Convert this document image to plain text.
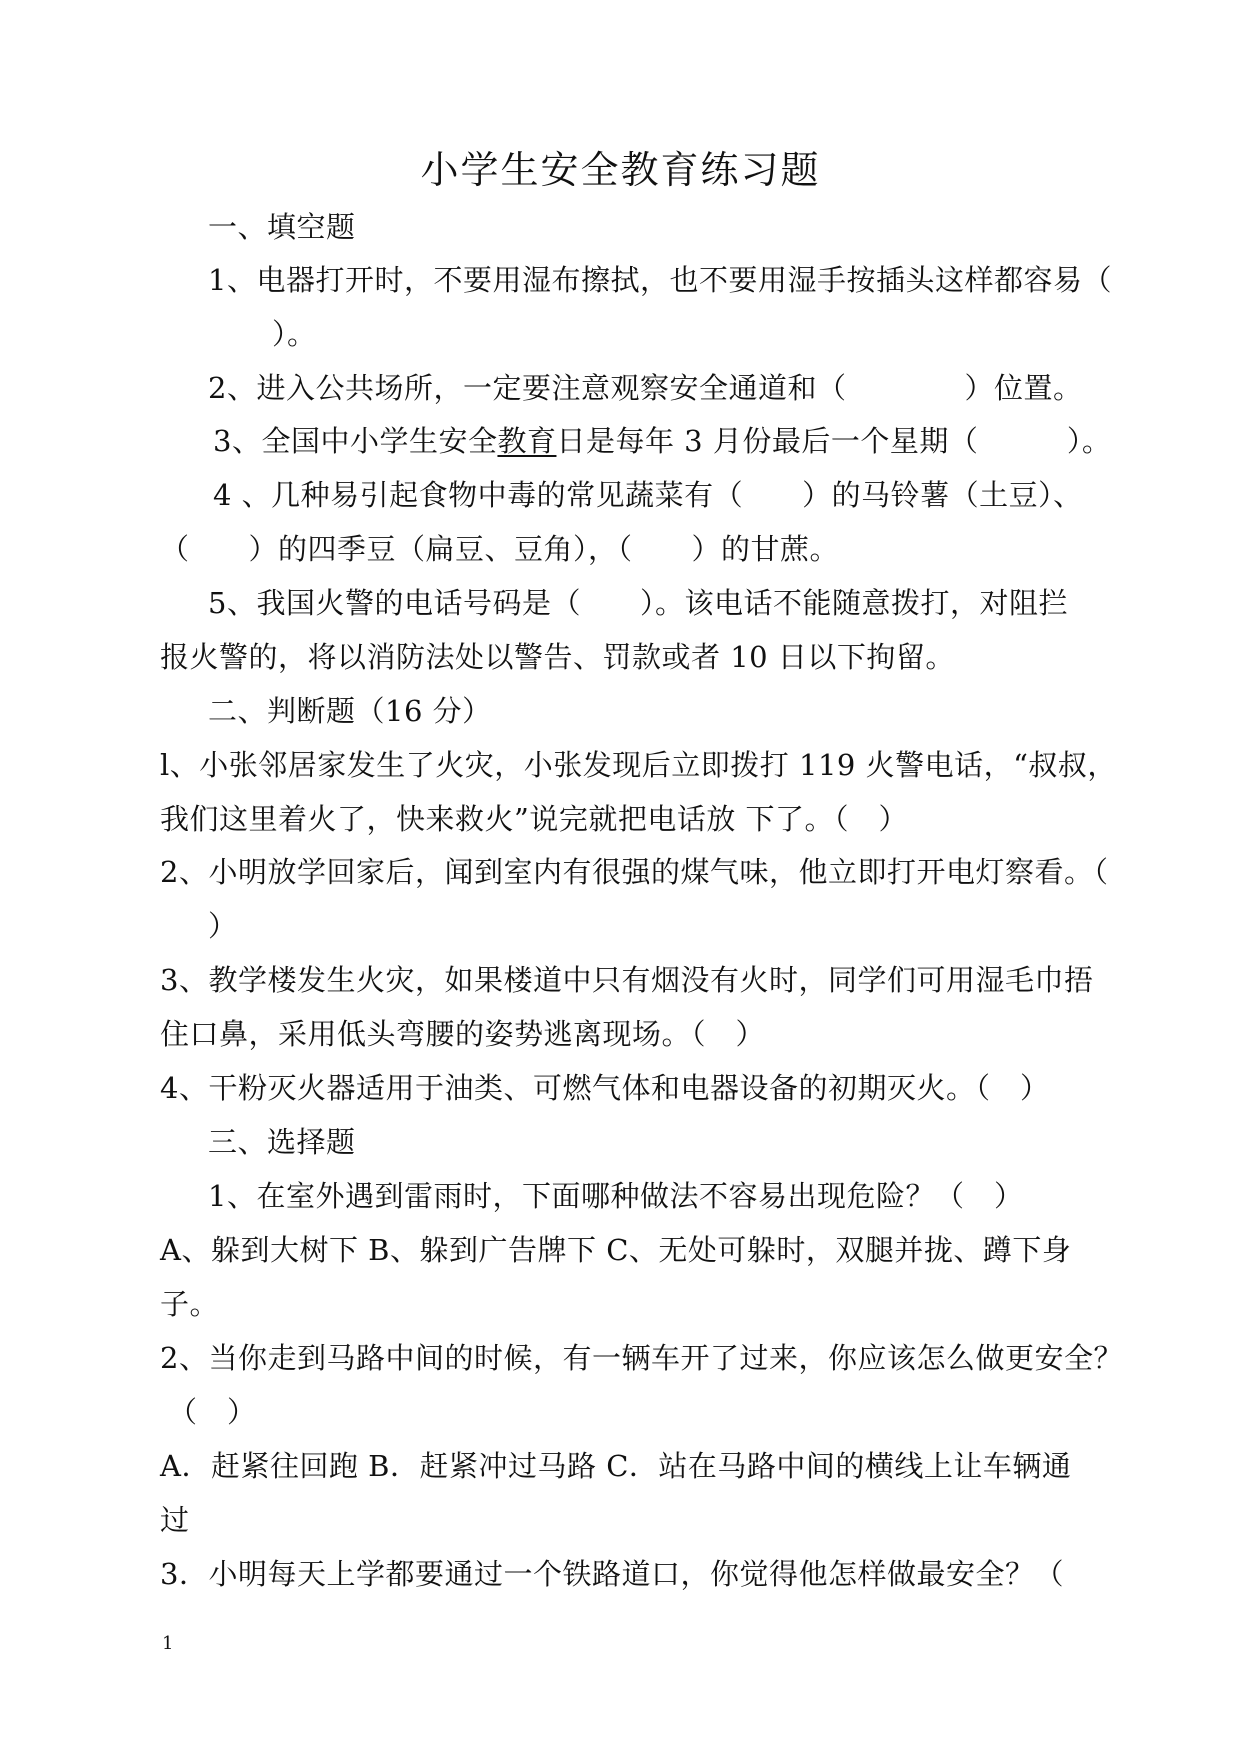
小学生安全教育练习题
一、填空题
1、电器打开时，不要用湿布擦拭，也不要用湿手按插头这样都容易（
）。
2、进入公共场所，一定要注意观察安全通道和（　　　　）位置。
3、全国中小学生安全教育日是每年 3 月份最后一个星期（　　　）。
4 、几种易引起食物中毒的常见蔬菜有（　　）的马铃薯（土豆）、
（　　）的四季豆（扁豆、豆角），（　　）的甘蔗。
5、我国火警的电话号码是（　　）。该电话不能随意拨打，对阻拦
报火警的，将以消防法处以警告、罚款或者 10 日以下拘留。
二、判断题（16 分）
l、小张邻居家发生了火灾，小张发现后立即拨打 119 火警电话，“叔叔，
我们这里着火了，快来救火”说完就把电话放 下了。（　）
2、小明放学回家后，闻到室内有很强的煤气味，他立即打开电灯察看。（
）
3、教学楼发生火灾，如果楼道中只有烟没有火时，同学们可用湿毛巾捂
住口鼻，采用低头弯腰的姿势逃离现场。（　）
4、干粉灭火器适用于油类、可燃气体和电器设备的初期灭火。（　）
三、选择题
1、在室外遇到雷雨时，下面哪种做法不容易出现危险？（　）
A、躲到大树下 B、躲到广告牌下 C、无处可躲时，双腿并拢、蹲下身
子。
2、当你走到马路中间的时候，有一辆车开了过来，你应该怎么做更安全？
（　）
A．赶紧往回跑 B．赶紧冲过马路 C．站在马路中间的横线上让车辆通
过
3．小明每天上学都要通过一个铁路道口，你觉得他怎样做最安全？（
1
